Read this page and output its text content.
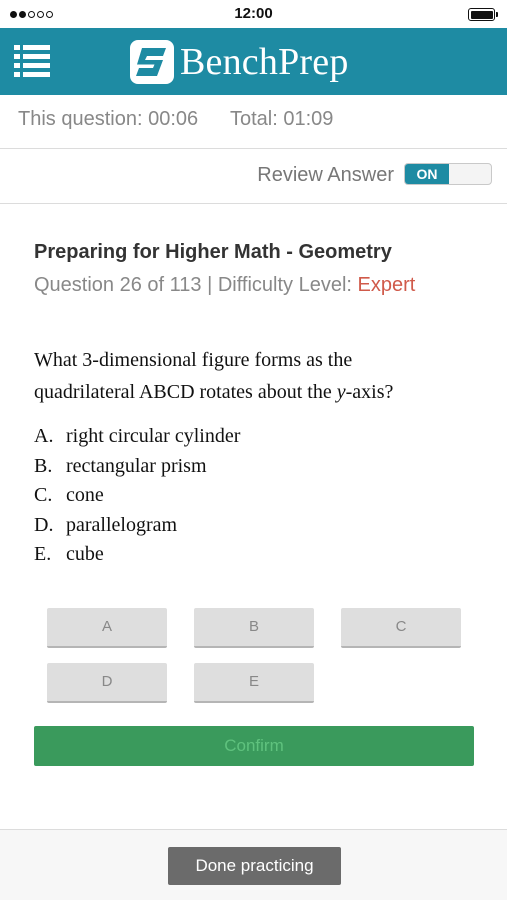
12:00
BenchPrep
This question: 00:06 Total: 01:09
Review Answer	ON
Preparing for Higher Math - Geometry
Question 26 of 113 | Difficulty Level: Expert
What 3-dimensional figure forms as the
quadrilateral ABCD rotates about the y-axis?
A. right circular cylinder
B. rectangular prism
C. cone
D. parallelogram
E. cube
A	B	C
D	E
Confirm
Done practicing
